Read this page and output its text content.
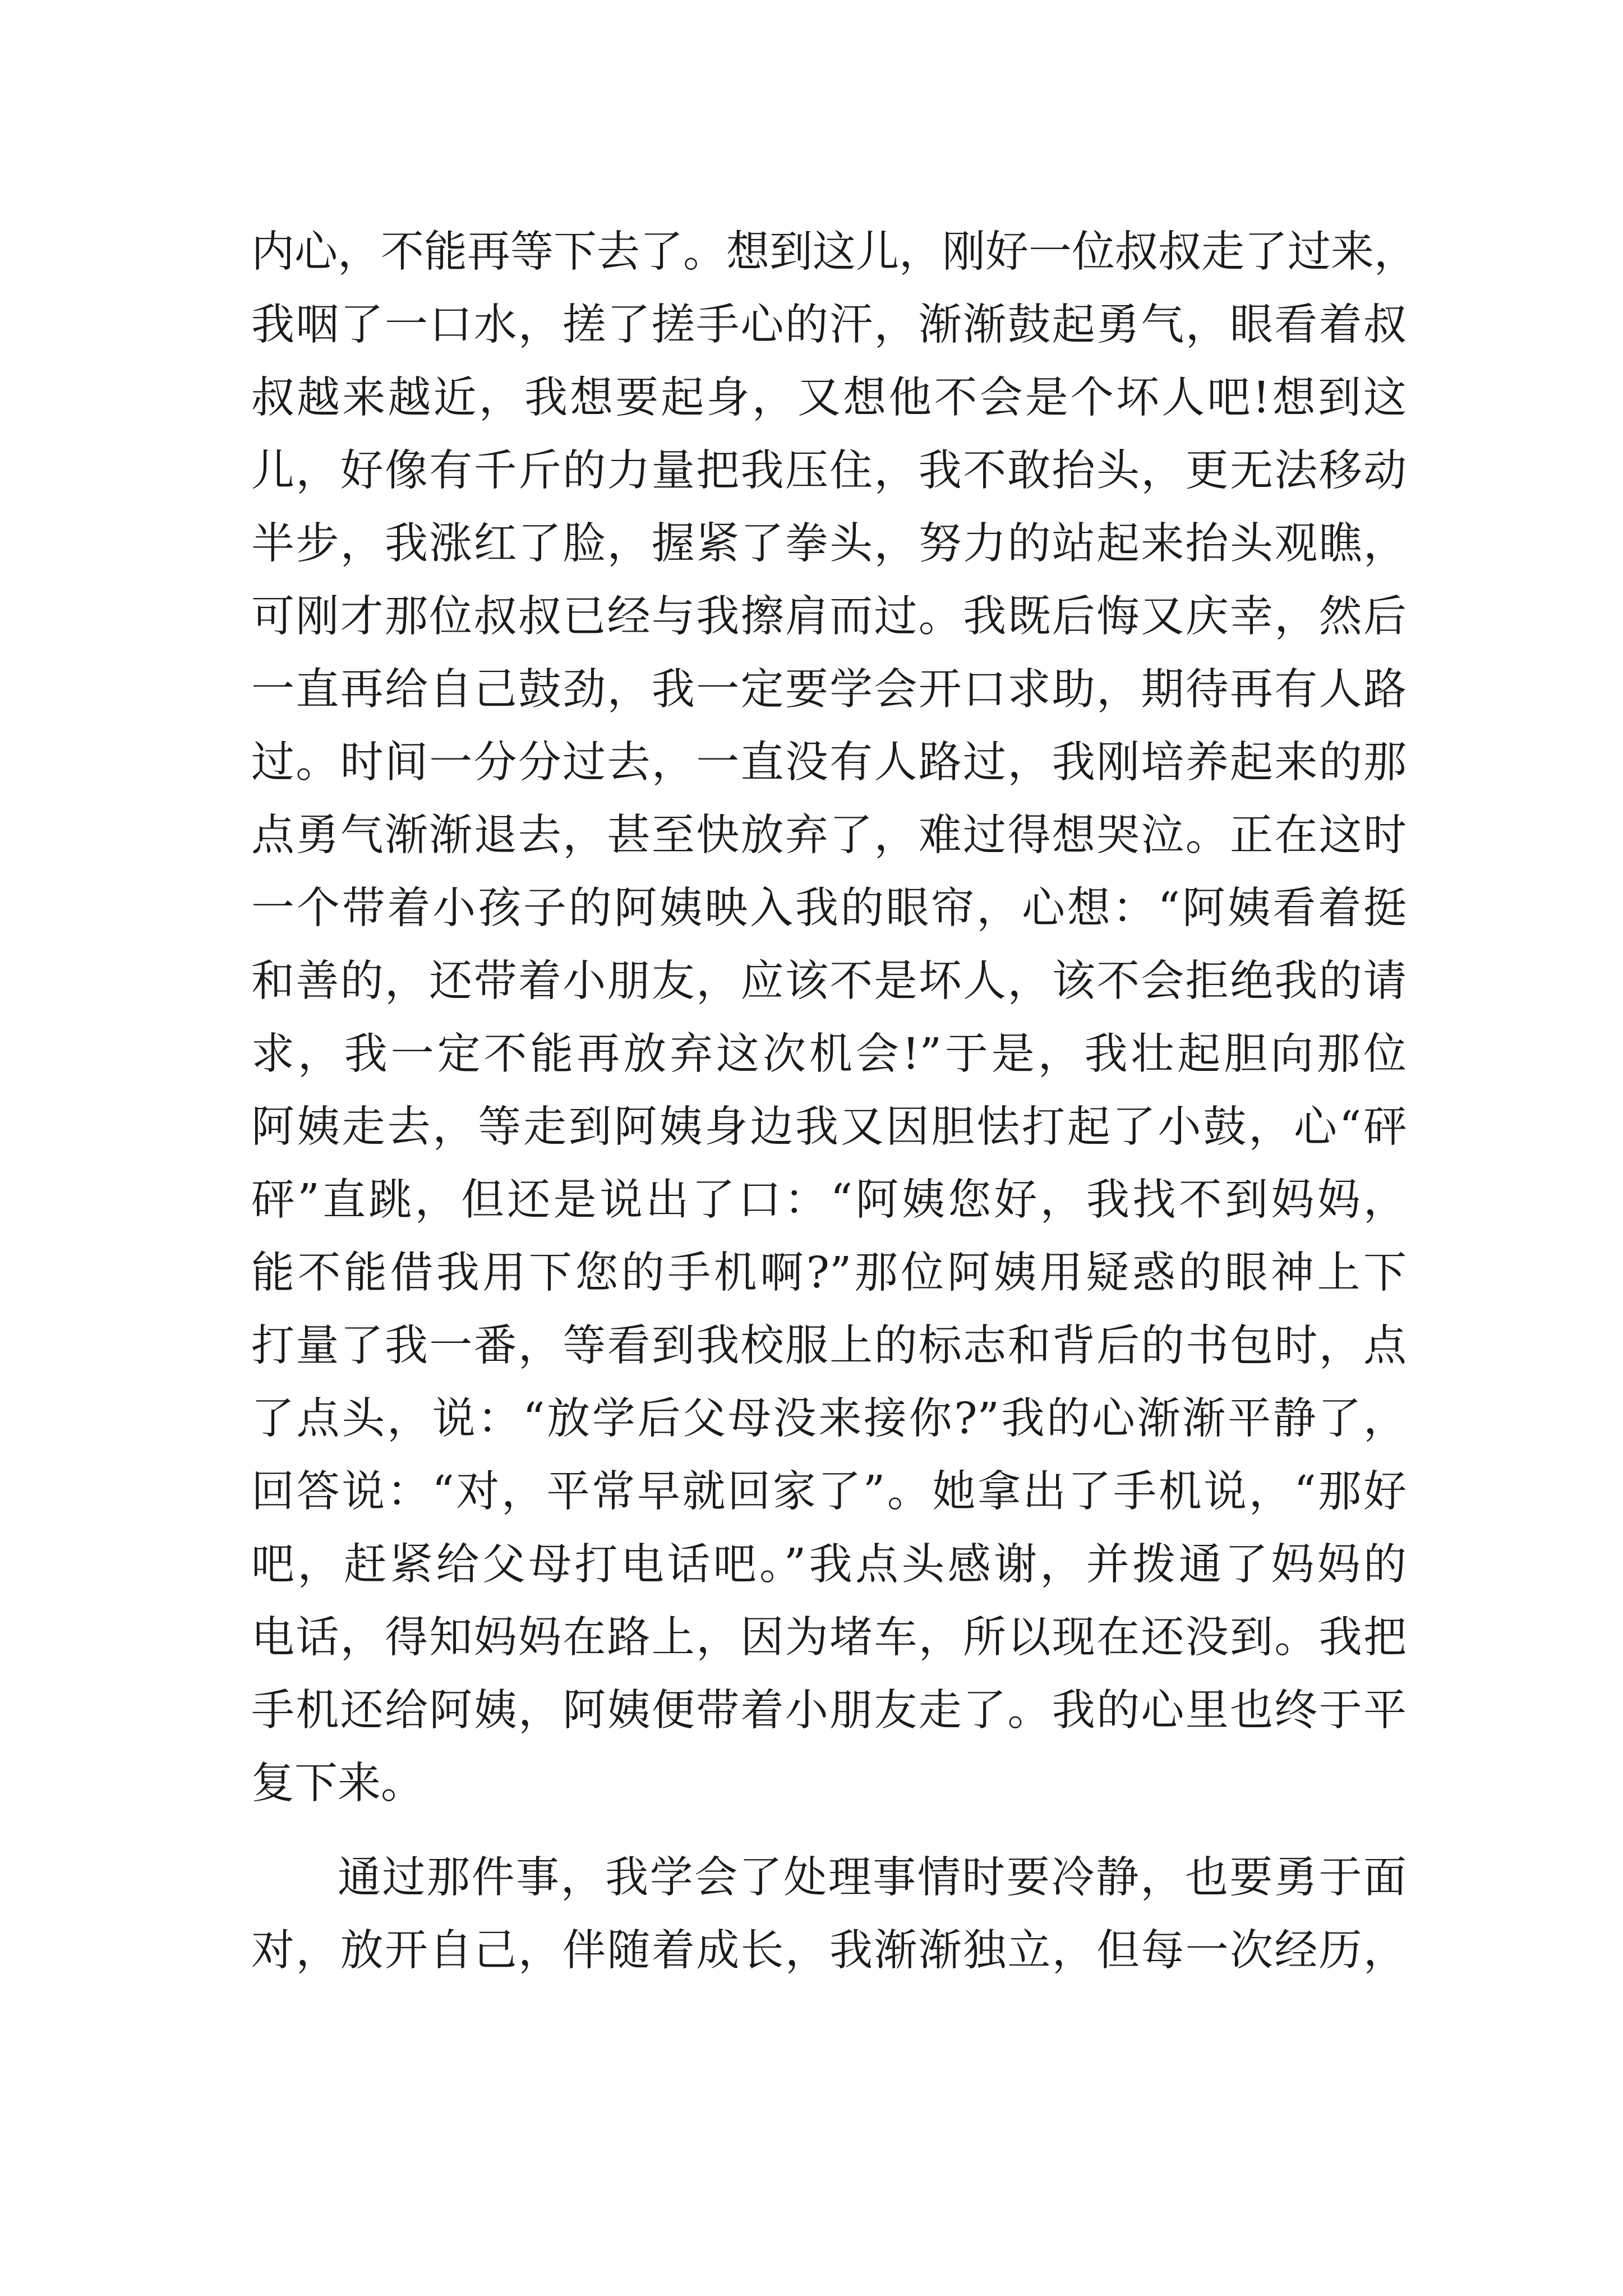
内心，不能再等下去了。想到这儿，刚好一位叔叔走了过来，
我咽了一口水，搓了搓手心的汗，渐渐鼓起勇气，眼看着叔
叔越来越近，我想要起身，又想他不会是个坏人吧!想到这
儿，好像有千斤的力量把我压住，我不敢抬头，更无法移动
半步，我涨红了脸，握紧了拳头，努力的站起来抬头观瞧，
可刚才那位叔叔已经与我擦肩而过。我既后悔又庆幸，然后
一直再给自己鼓劲，我一定要学会开口求助，期待再有人路
过。时间一分分过去，一直没有人路过，我刚培养起来的那
点勇气渐渐退去，甚至快放弃了，难过得想哭泣。正在这时
一个带着小孩子的阿姨映入我的眼帘，心想：“阿姨看着挺
和善的，还带着小朋友，应该不是坏人，该不会拒绝我的请
求，我一定不能再放弃这次机会!”于是，我壮起胆向那位
阿姨走去，等走到阿姨身边我又因胆怯打起了小鼓，心“砰
砰”直跳，但还是说出了口：“阿姨您好，我找不到妈妈，
能不能借我用下您的手机啊?”那位阿姨用疑惑的眼神上下
打量了我一番，等看到我校服上的标志和背后的书包时，点
了点头，说：“放学后父母没来接你?”我的心渐渐平静了，
回答说：“对，平常早就回家了”。她拿出了手机说，“那好
吧，赶紧给父母打电话吧。”我点头感谢，并拨通了妈妈的
电话，得知妈妈在路上，因为堵车，所以现在还没到。我把
手机还给阿姨，阿姨便带着小朋友走了。我的心里也终于平
复下来。
通过那件事，我学会了处理事情时要冷静，也要勇于面
对，放开自己，伴随着成长，我渐渐独立，但每一次经历，
